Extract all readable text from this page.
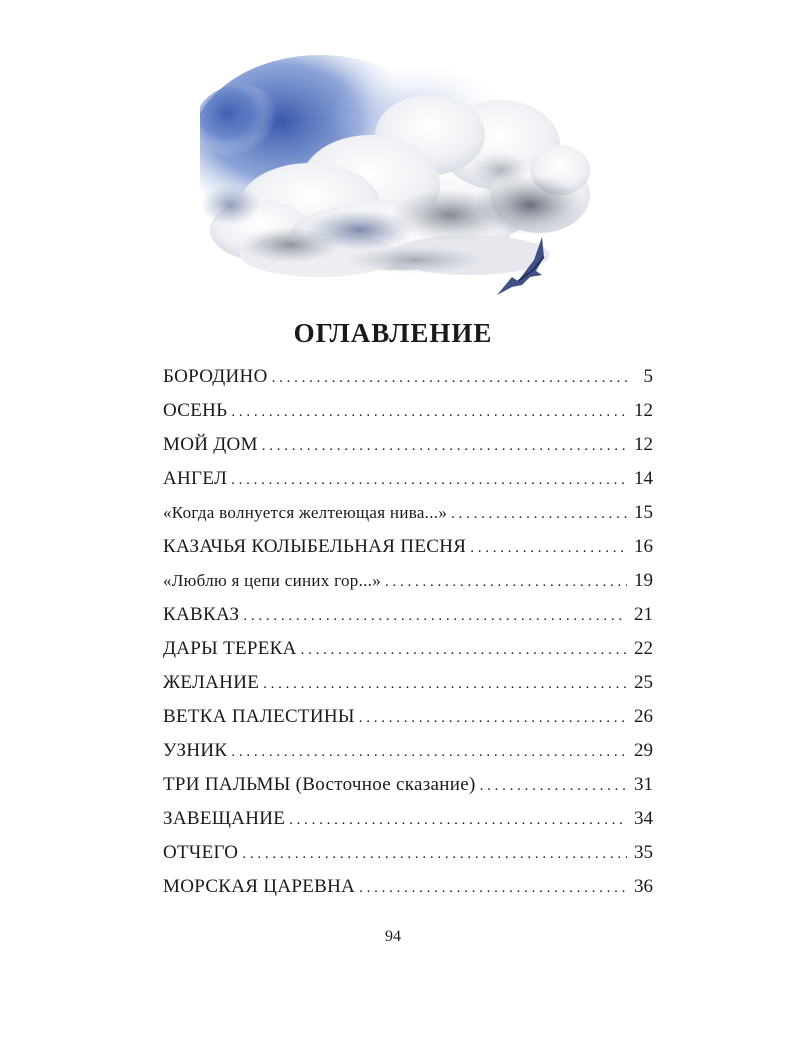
ОГЛАВЛЕНИЕ
БОРОДИНО . . .	5
ОСЕНЬ . . .	12
МОЙ ДОМ . . .	12
АНГЕЛ . . .	14
«Когда волнуется желтеющая нива...» . . .	15
КАЗАЧЬЯ КОЛЫБЕЛЬНАЯ ПЕСНЯ . . .	16
«Люблю я цепи синих гор...» . . .	19
КАВКАЗ . . .	21
ДАРЫ ТЕРЕКА . . .	22
ЖЕЛАНИЕ . . .	25
ВЕТКА ПАЛЕСТИНЫ . . .	26
УЗНИК . . .	29
ТРИ ПАЛЬМЫ (Восточное сказание) . . .	31
ЗАВЕЩАНИЕ . . .	34
ОТЧЕГО . . .	35
МОРСКАЯ ЦАРЕВНА . . .	36
94
